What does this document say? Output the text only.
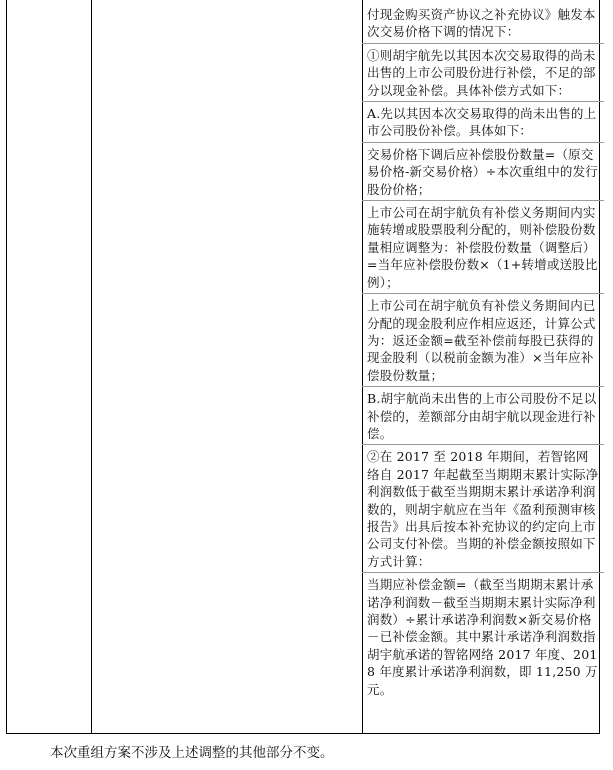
付现金购买资产协议之补充协议》触发本次交易价格下调的情况下：

①则胡宇航先以其因本次交易取得的尚未出售的上市公司股份进行补偿，不足的部分以现金补偿。具体补偿方式如下：

A.先以其因本次交易取得的尚未出售的上市公司股份补偿。具体如下：

交易价格下调后应补偿股份数量=（原交易价格-新交易价格）÷本次重组中的发行股份价格；

上市公司在胡宇航负有补偿义务期间内实施转增或股票股利分配的，则补偿股份数量相应调整为：补偿股份数量（调整后）=当年应补偿股份数×（1+转增或送股比例）；

上市公司在胡宇航负有补偿义务期间内已分配的现金股利应作相应返还，计算公式为：返还金额=截至补偿前每股已获得的现金股利（以税前金额为准）×当年应补偿股份数量；

B.胡宇航尚未出售的上市公司股份不足以补偿的，差额部分由胡宇航以现金进行补偿。

②在 2017 至 2018 年期间，若智铭网络自 2017 年起截至当期期末累计实际净利润数低于截至当期期末累计承诺净利润数的，则胡宇航应在当年《盈利预测审核报告》出具后按本补充协议的约定向上市公司支付补偿。当期的补偿金额按照如下方式计算：

当期应补偿金额=（截至当期期末累计承诺净利润数－截至当期期末累计实际净利润数）÷累计承诺净利润数×新交易价格－已补偿金额。其中累计承诺净利润数指胡宇航承诺的智铭网络 2017 年度、2018 年度累计承诺净利润数，即 11,250 万元。

本次重组方案不涉及上述调整的其他部分不变。
